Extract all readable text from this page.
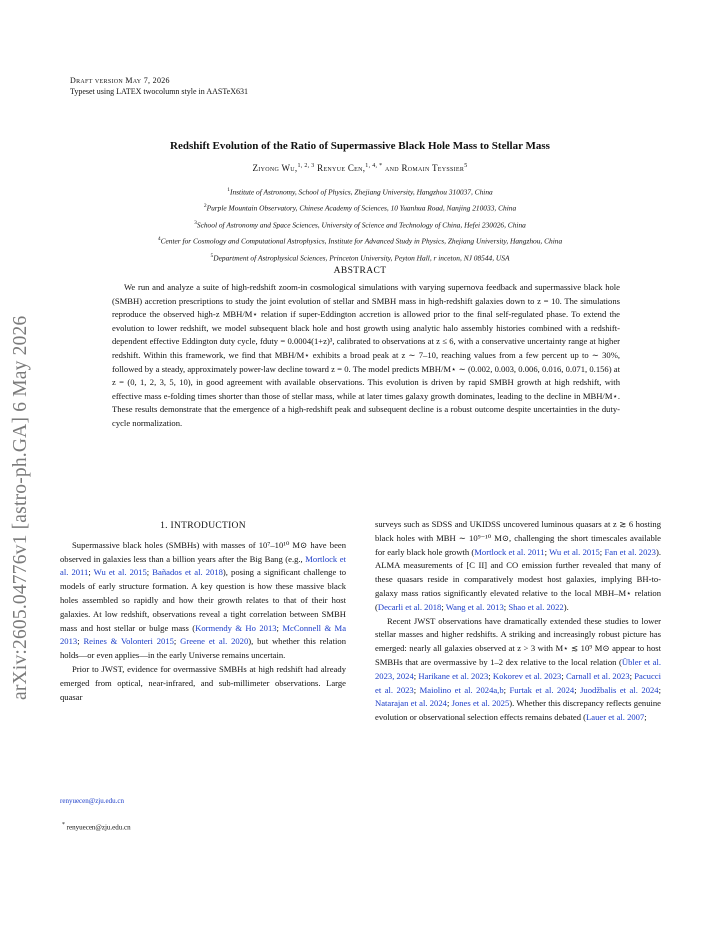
arXiv:2605.04776v1 [astro-ph.GA] 6 May 2026
Draft version May 7, 2026
Typeset using LATEX twocolumn style in AASTeX631
Redshift Evolution of the Ratio of Supermassive Black Hole Mass to Stellar Mass
Ziyong Wu,$^{1, 2, 3}$ Renyue Cen,$^{1, 4, *}$ and Romain Teyssier$^5$
$^1$Institute of Astronomy, School of Physics, Zhejiang University, Hangzhou 310037, China
$^2$Purple Mountain Observatory, Chinese Academy of Sciences, 10 Yuanhua Road, Nanjing 210033, China
$^3$School of Astronomy and Space Sciences, University of Science and Technology of China, Hefei 230026, China
$^4$Center for Cosmology and Computational Astrophysics, Institute for Advanced Study in Physics, Zhejiang University, Hangzhou, China
$^5$Department of Astrophysical Sciences, Princeton University, Peyton Hall, r inceton, NJ 08544, USA
ABSTRACT
We run and analyze a suite of high-redshift zoom-in cosmological simulations with varying supernova feedback and supermassive black hole (SMBH) accretion prescriptions to study the joint evolution of stellar and SMBH mass in high-redshift galaxies down to z = 10. The simulations reproduce the observed high-z MBH/M⋆ relation if super-Eddington accretion is allowed prior to the final self-regulated phase. To extend the evolution to lower redshift, we model subsequent black hole and host growth using analytic halo assembly histories combined with a redshift-dependent effective Eddington duty cycle, fduty = 0.0004(1+z)³, calibrated to observations at z ≤ 6, with a conservative uncertainty range at higher redshift. Within this framework, we find that MBH/M⋆ exhibits a broad peak at z ∼ 7–10, reaching values from a few percent up to ∼ 30%, followed by a steady, approximately power-law decline toward z = 0. The model predicts MBH/M⋆ ∼ (0.002, 0.003, 0.006, 0.016, 0.071, 0.156) at z = (0, 1, 2, 3, 5, 10), in good agreement with available observations. This evolution is driven by rapid SMBH growth at high redshift, with effective mass e-folding times shorter than those of stellar mass, while at later times galaxy growth dominates, leading to the decline in MBH/M⋆. These results demonstrate that the emergence of a high-redshift peak and subsequent decline is a robust outcome despite uncertainties in the duty-cycle normalization.
1. INTRODUCTION

Supermassive black holes (SMBHs) with masses of 10⁷–10¹⁰ M⊙ have been observed in galaxies less than a billion years after the Big Bang (e.g., Mortlock et al. 2011; Wu et al. 2015; Bañados et al. 2018), posing a significant challenge to models of early structure formation. A key question is how these massive black holes assembled so rapidly and how their growth relates to that of their host galaxies. At low redshift, observations reveal a tight correlation between SMBH mass and host stellar or bulge mass (Kormendy & Ho 2013; McConnell & Ma 2013; Reines & Volonteri 2015; Greene et al. 2020), but whether this relation holds—or even applies—in the early Universe remains uncertain.

Prior to JWST, evidence for overmassive SMBHs at high redshift had already emerged from optical, near-infrared, and sub-millimeter observations. Large quasar

surveys such as SDSS and UKIDSS uncovered luminous quasars at z ≳ 6 hosting black holes with MBH ∼ 10⁹⁻¹⁰ M⊙, challenging the short timescales available for early black hole growth (Mortlock et al. 2011; Wu et al. 2015; Fan et al. 2023). ALMA measurements of [C II] and CO emission further revealed that many of these quasars reside in comparatively modest host galaxies, implying BH-to-galaxy mass ratios significantly elevated relative to the local MBH–M⋆ relation (Decarli et al. 2018; Wang et al. 2013; Shao et al. 2022).

Recent JWST observations have dramatically extended these studies to lower stellar masses and higher redshifts. A striking and increasingly robust picture has emerged: nearly all galaxies observed at z > 3 with M⋆ ≲ 10⁹ M⊙ appear to host SMBHs that are overmassive by 1–2 dex relative to the local relation (Übler et al. 2023, 2024; Harikane et al. 2023; Kokorev et al. 2023; Carnall et al. 2023; Pacucci et al. 2023; Maiolino et al. 2024a,b; Furtak et al. 2024; Juodžbalis et al. 2024; Natarajan et al. 2024; Jones et al. 2025). Whether this discrepancy reflects genuine evolution or observational selection effects remains debated (Lauer et al. 2007;

renyuecen@zju.edu.cn
* renyuecen@zju.edu.cn
